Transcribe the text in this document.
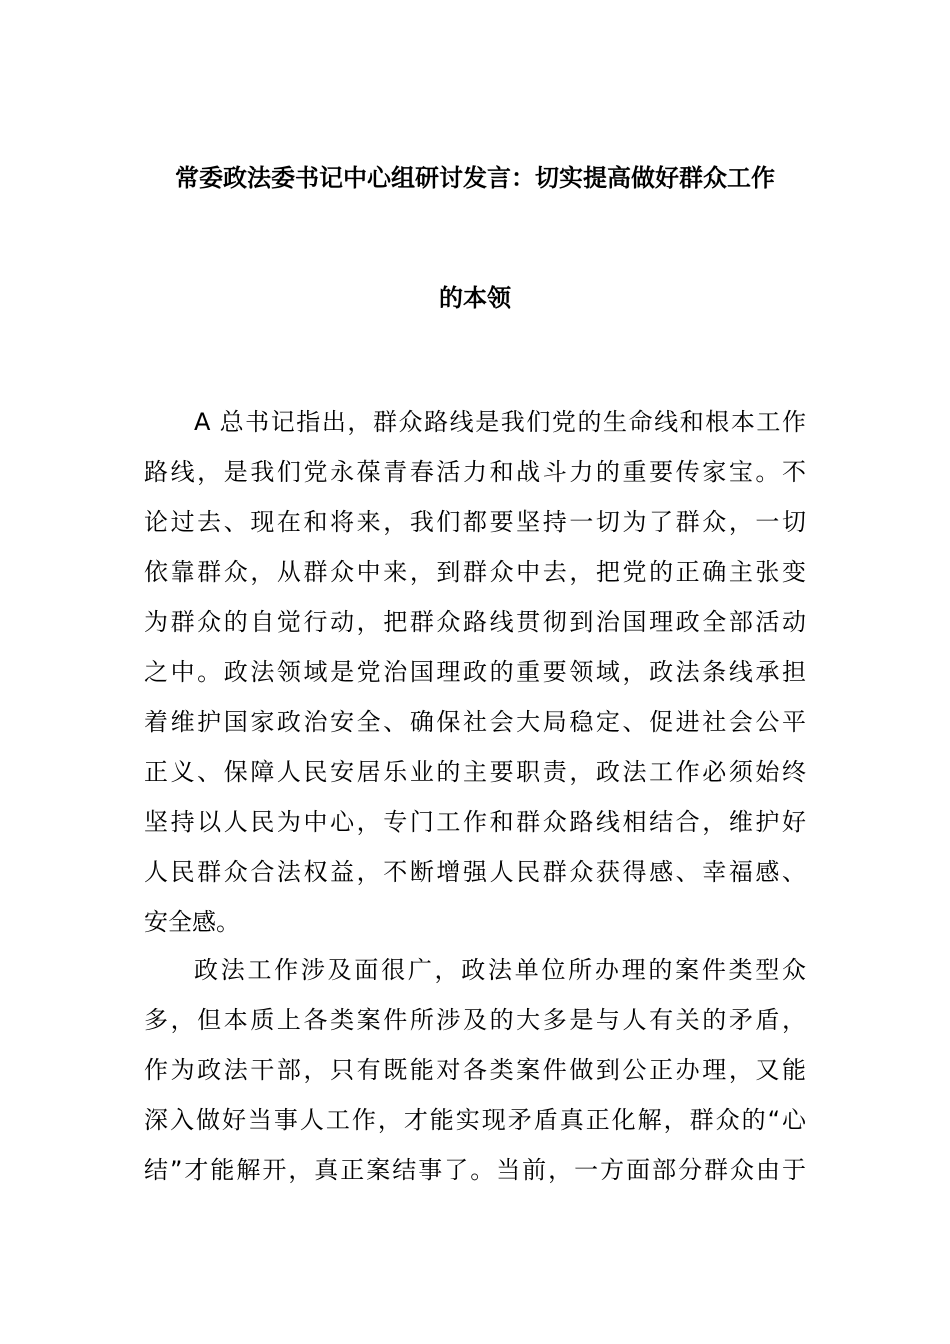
常委政法委书记中心组研讨发言：切实提高做好群众工作
的本领
A 总书记指出，群众路线是我们党的生命线和根本工作
路线，是我们党永葆青春活力和战斗力的重要传家宝。不
论过去、现在和将来，我们都要坚持一切为了群众，一切
依靠群众，从群众中来，到群众中去，把党的正确主张变
为群众的自觉行动，把群众路线贯彻到治国理政全部活动
之中。政法领域是党治国理政的重要领域，政法条线承担
着维护国家政治安全、确保社会大局稳定、促进社会公平
正义、保障人民安居乐业的主要职责，政法工作必须始终
坚持以人民为中心，专门工作和群众路线相结合，维护好
人民群众合法权益，不断增强人民群众获得感、幸福感、
安全感。
政法工作涉及面很广，政法单位所办理的案件类型众
多，但本质上各类案件所涉及的大多是与人有关的矛盾，
作为政法干部，只有既能对各类案件做到公正办理，又能
深入做好当事人工作，才能实现矛盾真正化解，群众的“心
结”才能解开，真正案结事了。当前，一方面部分群众由于
